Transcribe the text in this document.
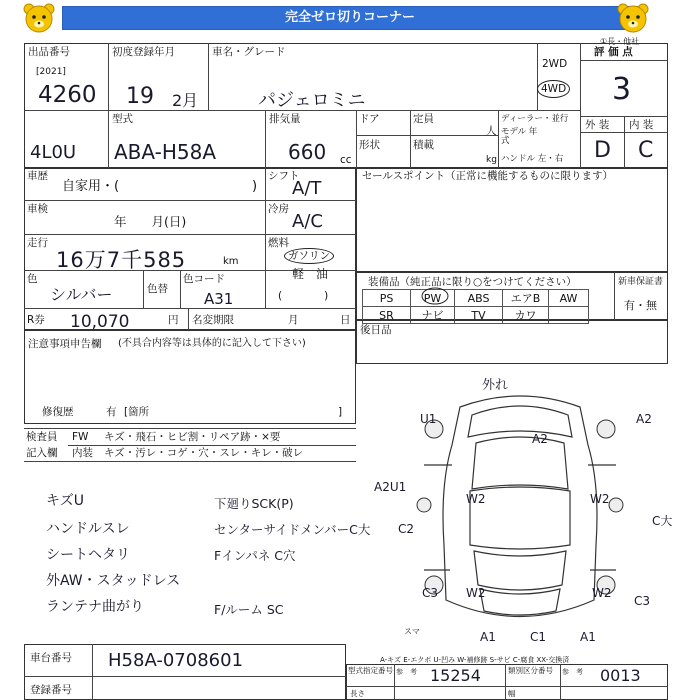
完全ゼロ切りコーナー
①長・他社
出品番号
[2021]
4260
初度登録年月
19 2月
車名・グレード
パジェロミニ
2WD
4WD
評 価 点
3
型式
4L0U ABA-H58A
排気量
660 cc
ドア	定員
人
形状	積載
kg
ディーラー・並行
モデル 年式
ハンドル 左・右
外 装 内 装
D C
車歴
自家用・(	)
車検
年　　月(日)
走行
16万7千585	km
色
シルバー	色替
色コード
A31
シフト
A/T
冷房
A/C
燃料
ガソリン
軽　油
(　　　　)
R券 10,070	円 名変期限	月	日
注意事項申告欄 (不具合内容等は具体的に記入して下さい)
修復歴	有 [箇所	]
セールスポイント（正常に機能するものに限ります）
装備品（純正品に限り○をつけてください）
PS	PW	ABS	エアB	AW
SR	ナビ	TV	カワ	
新車保証書
有・無
後日品
検査員
記入欄
FW キズ・飛石・ヒビ割・リペア跡・×要
内装 キズ・汚レ・コゲ・穴・スレ・キレ・破レ
キズU
ハンドルスレ
シートヘタリ
外AW・スタッドレス
ランテナ曲がり
下廻りSCK(P)
センターサイドメンバーC大
Fインパネ C穴
F/ルーム SC
外れ
U1	A2
A2
A2U1
W2	W2
C2
C大
C3 W2	W2
C3
スマ	A1	C1	A1
A-キズ E-エクボ U-凹み W-補修跡 S-サビ C-腐食 XX-交換済
車台番号 H58A-0708601
登録番号
型式指定番号
長さ
参　考 15254	類別区分番号	参　考 0013
幅
